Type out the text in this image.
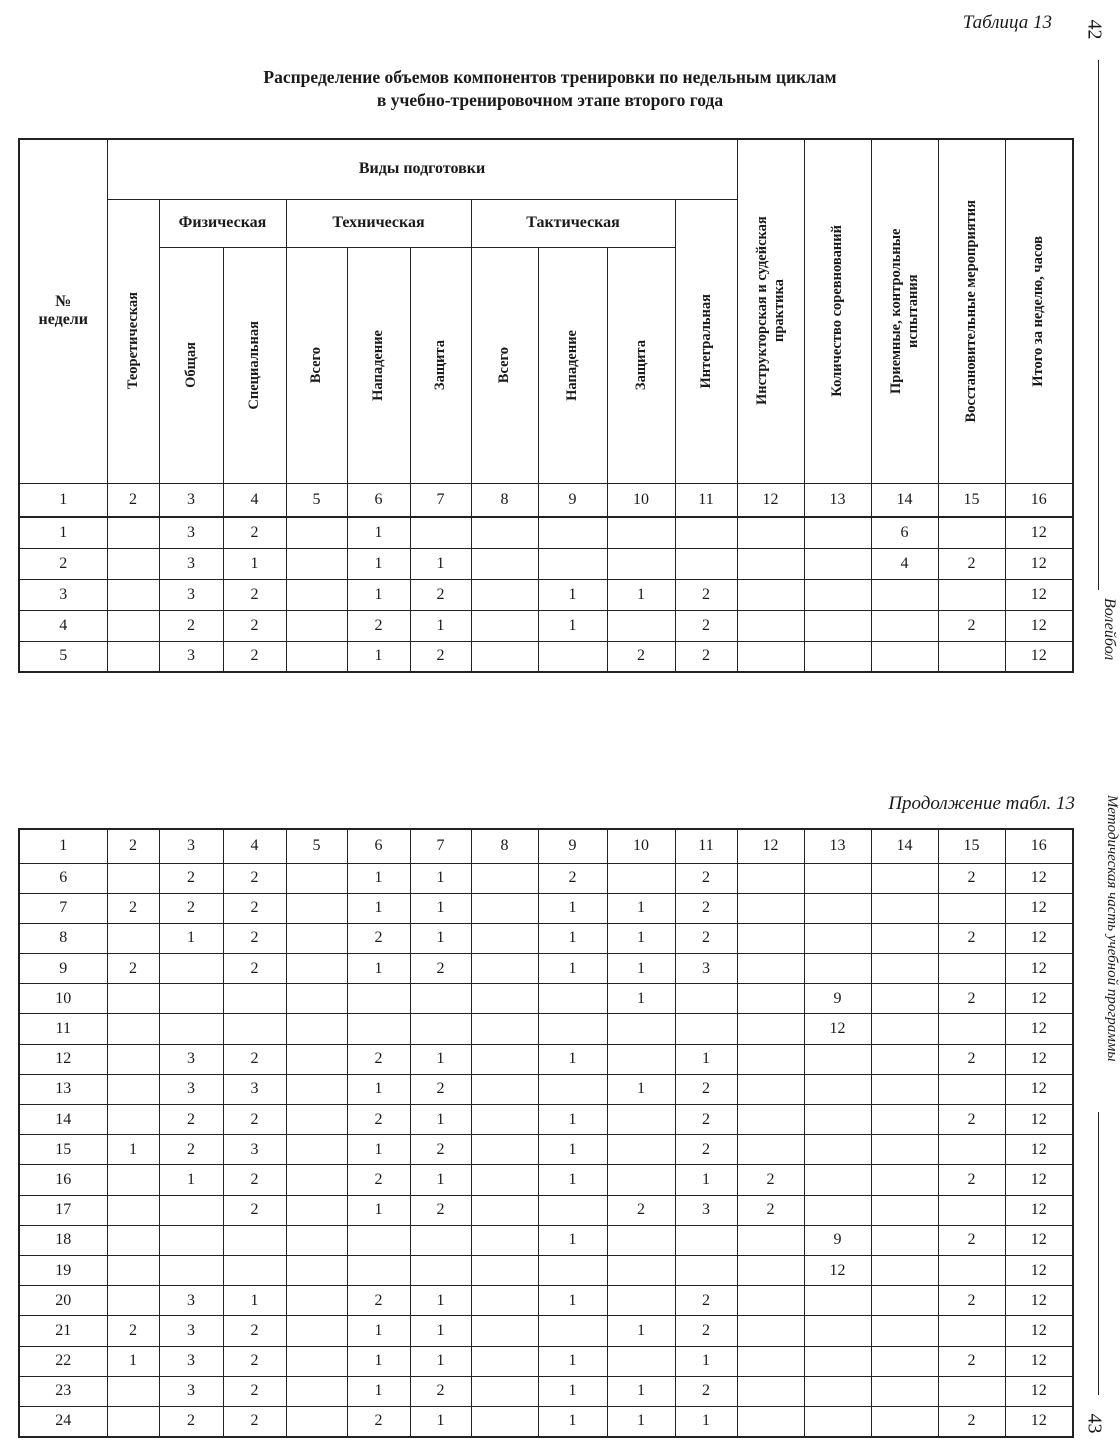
Таблица 13 42
Волейбол
Методическая часть учебной программы
43
Распределение объемов компонентов тренировки по недельным циклам
в учебно-тренировочном этапе второго года
№ недели	Виды подготовки										Инструкторская и судейская практика	Количество соревнований	Приемные, контрольные испытания	Восстановительные мероприятия	Итого за неделю, часов

	Теоретическая	Физическая		Техническая			Тактическая			Интегральная					

		Общая	Специальная	Всего	Нападение	Защита	Всего	Нападение	Защита						

1	2	3	4	5	6	7	8	9	10	11	12	13	14	15	16
1		3	2		1								6		12
2		3	1		1	1							4	2	12
3		3	2		1	2		1	1	2					12
4		2	2		2	1		1		2				2	12
5		3	2		1	2			2	2					12
Продолжение табл. 13
1	2	3	4	5	6	7	8	9	10	11	12	13	14	15	16
6		2	2		1	1		2		2				2	12
7	2	2	2		1	1		1	1	2					12
8		1	2		2	1		1	1	2				2	12
9	2		2		1	2		1	1	3					12
10									1			9		2	12
11												12			12
12		3	2		2	1		1		1				2	12
13		3	3		1	2			1	2					12
14		2	2		2	1		1		2				2	12
15	1	2	3		1	2		1		2					12
16		1	2		2	1		1		1	2			2	12
17			2		1	2			2	3	2				12
18								1				9		2	12
19												12			12
20		3	1		2	1		1		2				2	12
21	2	3	2		1	1			1	2					12
22	1	3	2		1	1		1		1				2	12
23		3	2		1	2		1	1	2					12
24		2	2		2	1		1	1	1				2	12
